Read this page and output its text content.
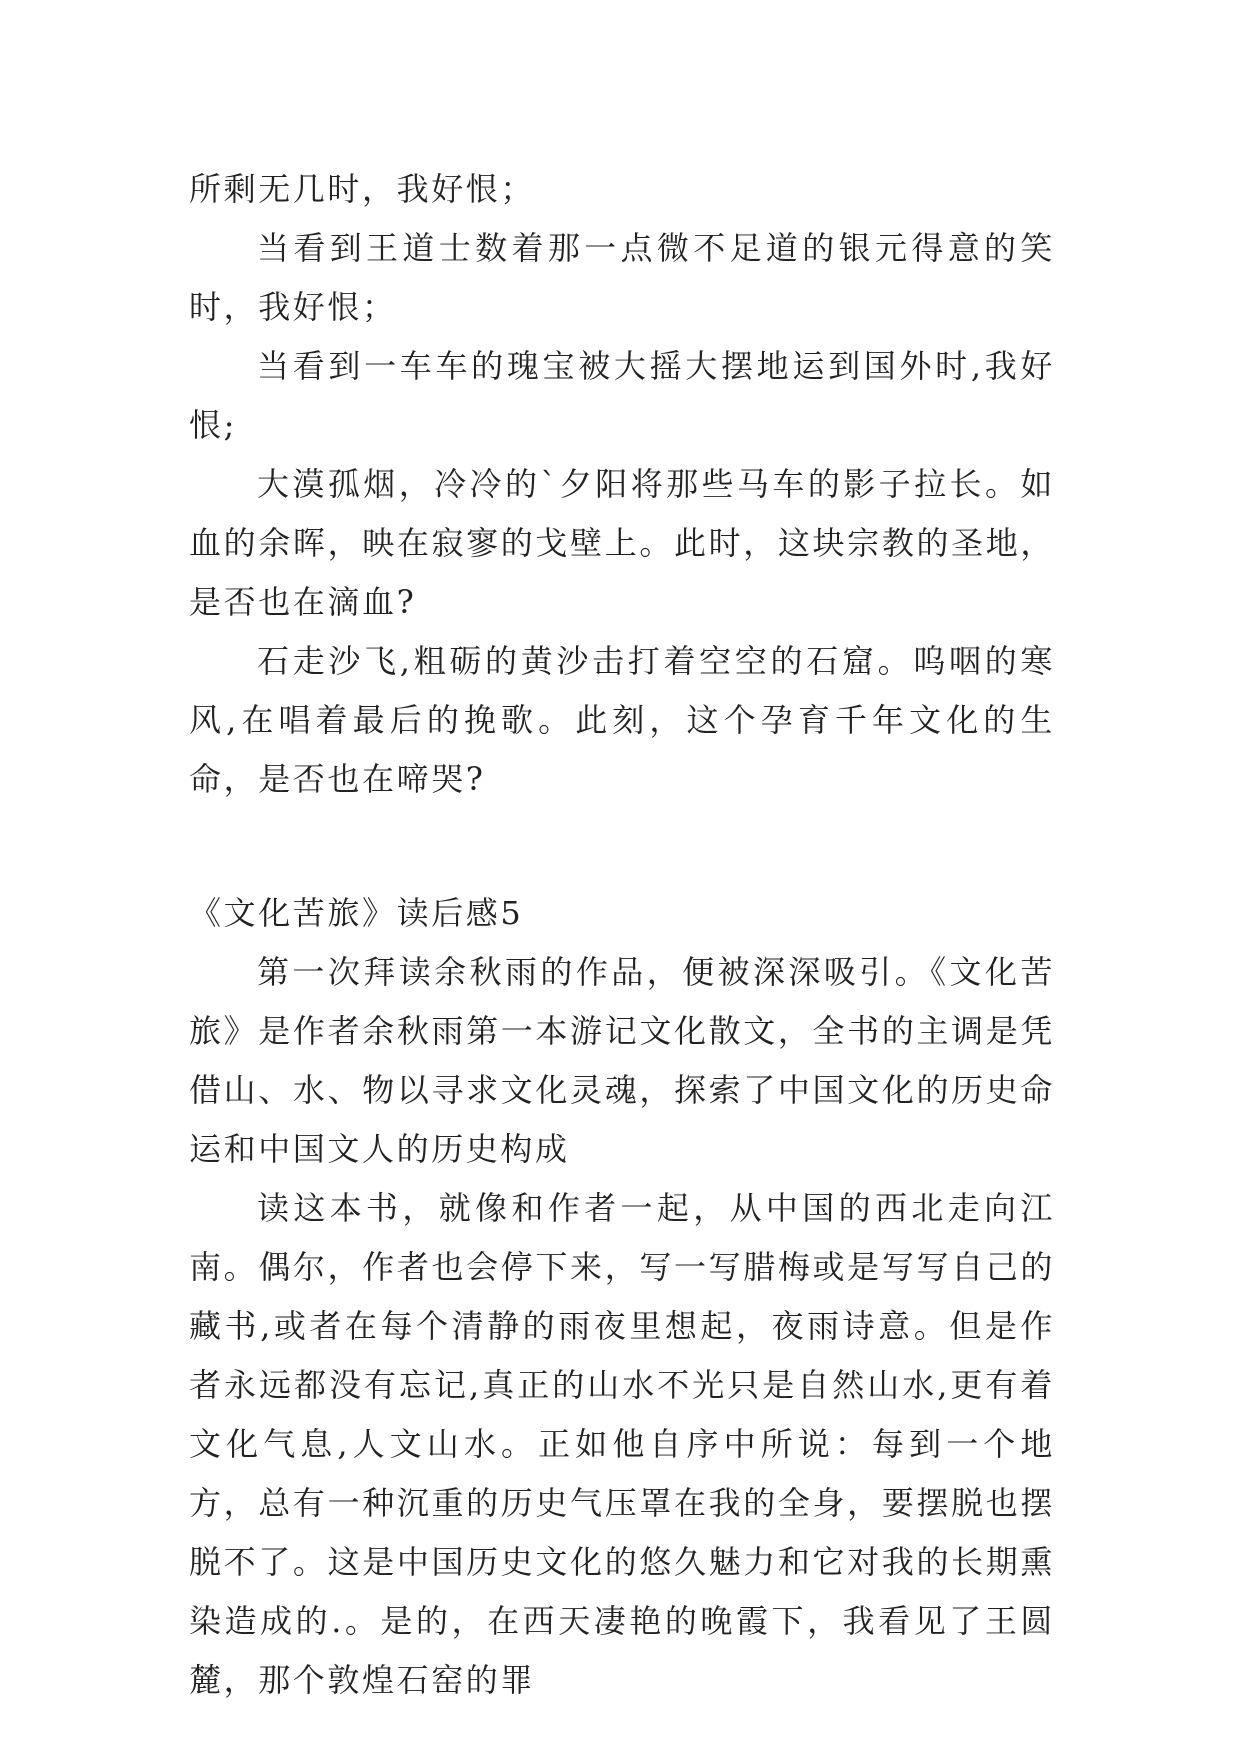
所剩无几时，我好恨；

当看到王道士数着那一点微不足道的银元得意的笑时，我好恨；

当看到一车车的瑰宝被大摇大摆地运到国外时,我好恨;

大漠孤烟，冷冷的`夕阳将那些马车的影子拉长。如血的余晖，映在寂寥的戈壁上。此时，这块宗教的圣地，是否也在滴血?

石走沙飞,粗砺的黄沙击打着空空的石窟。呜咽的寒风,在唱着最后的挽歌。此刻，这个孕育千年文化的生命，是否也在啼哭?

《文化苦旅》读后感5

第一次拜读余秋雨的作品，便被深深吸引。《文化苦旅》是作者余秋雨第一本游记文化散文，全书的主调是凭借山、水、物以寻求文化灵魂，探索了中国文化的历史命运和中国文人的历史构成

读这本书，就像和作者一起，从中国的西北走向江南。偶尔，作者也会停下来，写一写腊梅或是写写自己的藏书,或者在每个清静的雨夜里想起，夜雨诗意。但是作者永远都没有忘记,真正的山水不光只是自然山水,更有着文化气息,人文山水。正如他自序中所说：每到一个地方，总有一种沉重的历史气压罩在我的全身，要摆脱也摆脱不了。这是中国历史文化的悠久魅力和它对我的长期熏染造成的.。是的，在西天凄艳的晚霞下，我看见了王圆麓，那个敦煌石窑的罪
